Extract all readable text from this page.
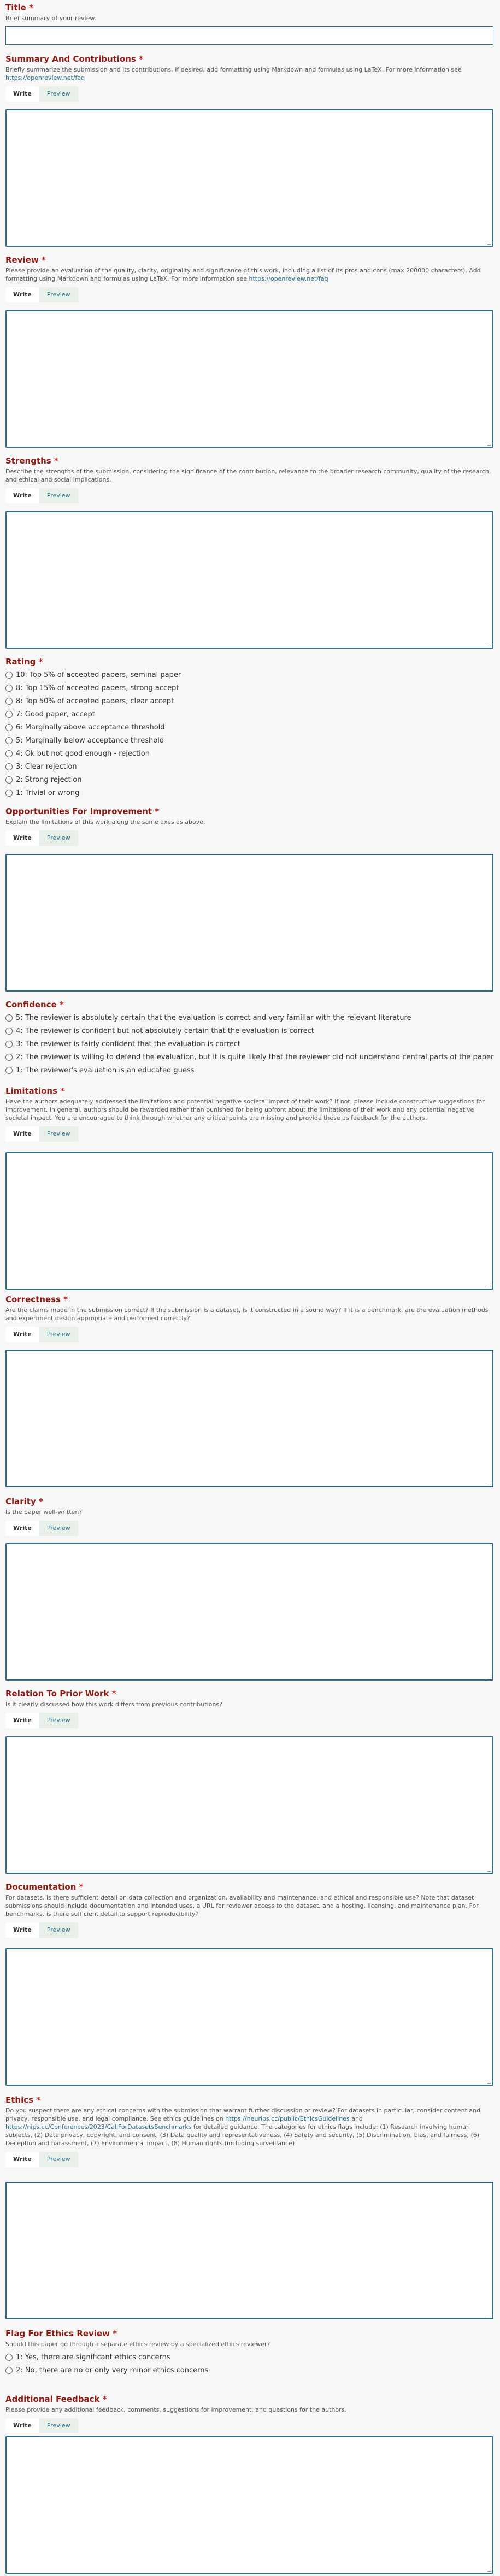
Title *
Brief summary of your review.
Summary And Contributions *
Briefly summarize the submission and its contributions. If desired, add formatting using Markdown and formulas using LaTeX. For more information see
https://openreview.net/faq
Write	Preview
Review *
Please provide an evaluation of the quality, clarity, originality and significance of this work, including a list of its pros and cons (max 200000 characters). Add formatting using Markdown and formulas using LaTeX. For more information see https://openreview.net/faq
Write	Preview
Strengths *
Describe the strengths of the submission, considering the significance of the contribution, relevance to the broader research community, quality of the research, and ethical and social implications.
Write	Preview
Rating *
10: Top 5% of accepted papers, seminal paper
8: Top 15% of accepted papers, strong accept
8: Top 50% of accepted papers, clear accept
7: Good paper, accept
6: Marginally above acceptance threshold
5: Marginally below acceptance threshold
4: Ok but not good enough - rejection
3: Clear rejection
2: Strong rejection
1: Trivial or wrong
Opportunities For Improvement *
Explain the limitations of this work along the same axes as above.
Write	Preview
Confidence *
5: The reviewer is absolutely certain that the evaluation is correct and very familiar with the relevant literature
4: The reviewer is confident but not absolutely certain that the evaluation is correct
3: The reviewer is fairly confident that the evaluation is correct
2: The reviewer is willing to defend the evaluation, but it is quite likely that the reviewer did not understand central parts of the paper
1: The reviewer's evaluation is an educated guess
Limitations *
Have the authors adequately addressed the limitations and potential negative societal impact of their work? If not, please include constructive suggestions for improvement. In general, authors should be rewarded rather than punished for being upfront about the limitations of their work and any potential negative societal impact. You are encouraged to think through whether any critical points are missing and provide these as feedback for the authors.
Write	Preview
Correctness *
Are the claims made in the submission correct? If the submission is a dataset, is it constructed in a sound way? If it is a benchmark, are the evaluation methods and experiment design appropriate and performed correctly?
Write	Preview
Clarity *
Is the paper well-written?
Write	Preview
Relation To Prior Work *
Is it clearly discussed how this work differs from previous contributions?
Write	Preview
Documentation *
For datasets, is there sufficient detail on data collection and organization, availability and maintenance, and ethical and responsible use? Note that dataset submissions should include documentation and intended uses, a URL for reviewer access to the dataset, and a hosting, licensing, and maintenance plan. For benchmarks, is there sufficient detail to support reproducibility?
Write	Preview
Ethics *
Do you suspect there are any ethical concerns with the submission that warrant further discussion or review? For datasets in particular, consider content and privacy, responsible use, and legal compliance. See ethics guidelines on https://neurips.cc/public/EthicsGuidelines and https://nips.cc/Conferences/2023/CallForDatasetsBenchmarks for detailed guidance. The categories for ethics flags include: (1) Research involving human subjects, (2) Data privacy, copyright, and consent, (3) Data quality and representativeness, (4) Safety and security, (5) Discrimination, bias, and fairness, (6) Deception and harassment, (7) Environmental impact, (8) Human rights (including surveillance)
Write	Preview
Flag For Ethics Review *
Should this paper go through a separate ethics review by a specialized ethics reviewer?
1: Yes, there are significant ethics concerns
2: No, there are no or only very minor ethics concerns
Additional Feedback *
Please provide any additional feedback, comments, suggestions for improvement, and questions for the authors.
Write	Preview
